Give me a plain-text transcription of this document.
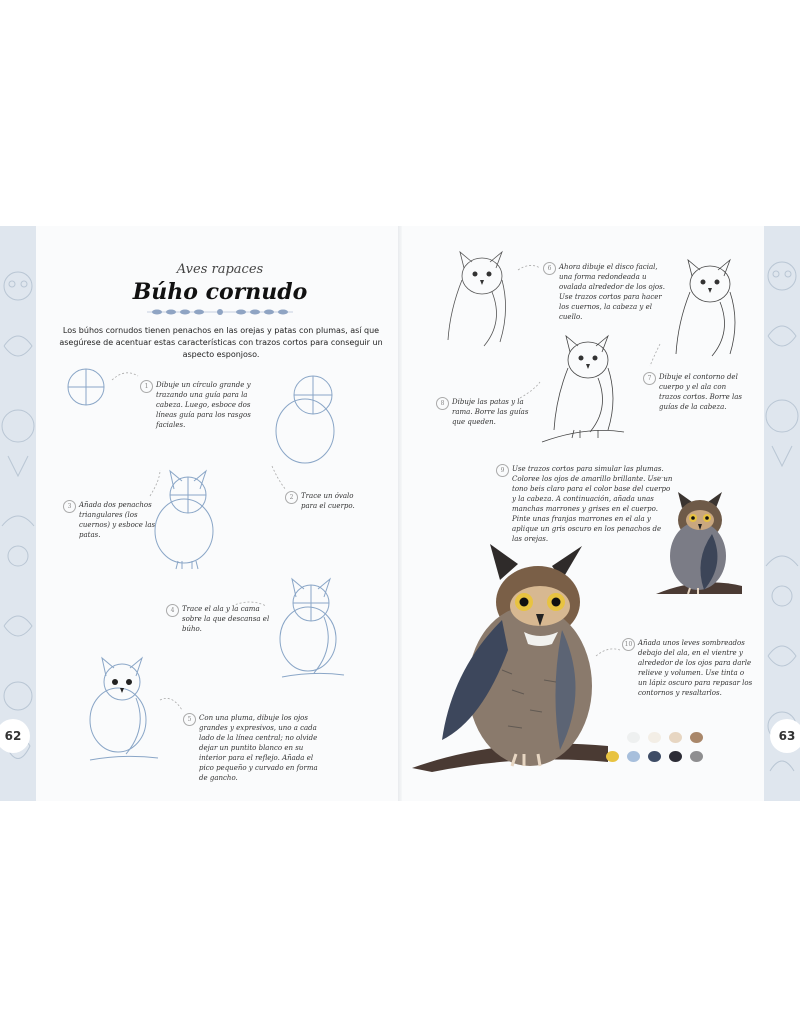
62	63
Aves rapaces
Búho cornudo
Los búhos cornudos tienen penachos en las orejas y patas con plumas, así que asegúrese de acentuar estas características con trazos cortos para conseguir un aspecto esponjoso.
1	Dibuje un círculo grande y trazando una guía para la cabeza. Luego, esboce dos líneas guía para los rasgos faciales.
2	Trace un óvalo para el cuerpo.
3	Añada dos penachos triangulares (los cuernos) y esboce las patas.
4	Trace el ala y la cama sobre la que descansa el búho.
5	Con una pluma, dibuje los ojos grandes y expresivos, uno a cada lado de la línea central; no olvide dejar un puntito blanco en su interior para el reflejo. Añada el pico pequeño y curvado en forma de gancho.
6	Ahora dibuje el disco facial, una forma redondeada u ovalada alrededor de los ojos. Use trazos cortos para hacer los cuernos, la cabeza y el cuello.
7	Dibuje el contorno del cuerpo y el ala con trazos cortos. Borre las guías de la cabeza.
8	Dibuje las patas y la rama. Borre las guías que queden.
9	Use trazos cortos para simular las plumas. Coloree los ojos de amarillo brillante. Use un tono beis claro para el color base del cuerpo y la cabeza. A continuación, añada unas manchas marrones y grises en el cuerpo. Pinte unas franjas marrones en el ala y aplique un gris oscuro en los penachos de las orejas.
10 Añada unos leves sombreados debajo del ala, en el vientre y alrededor de los ojos para darle relieve y volumen. Use tinta o un lápiz oscuro para repasar los contornos y resaltarlos.
